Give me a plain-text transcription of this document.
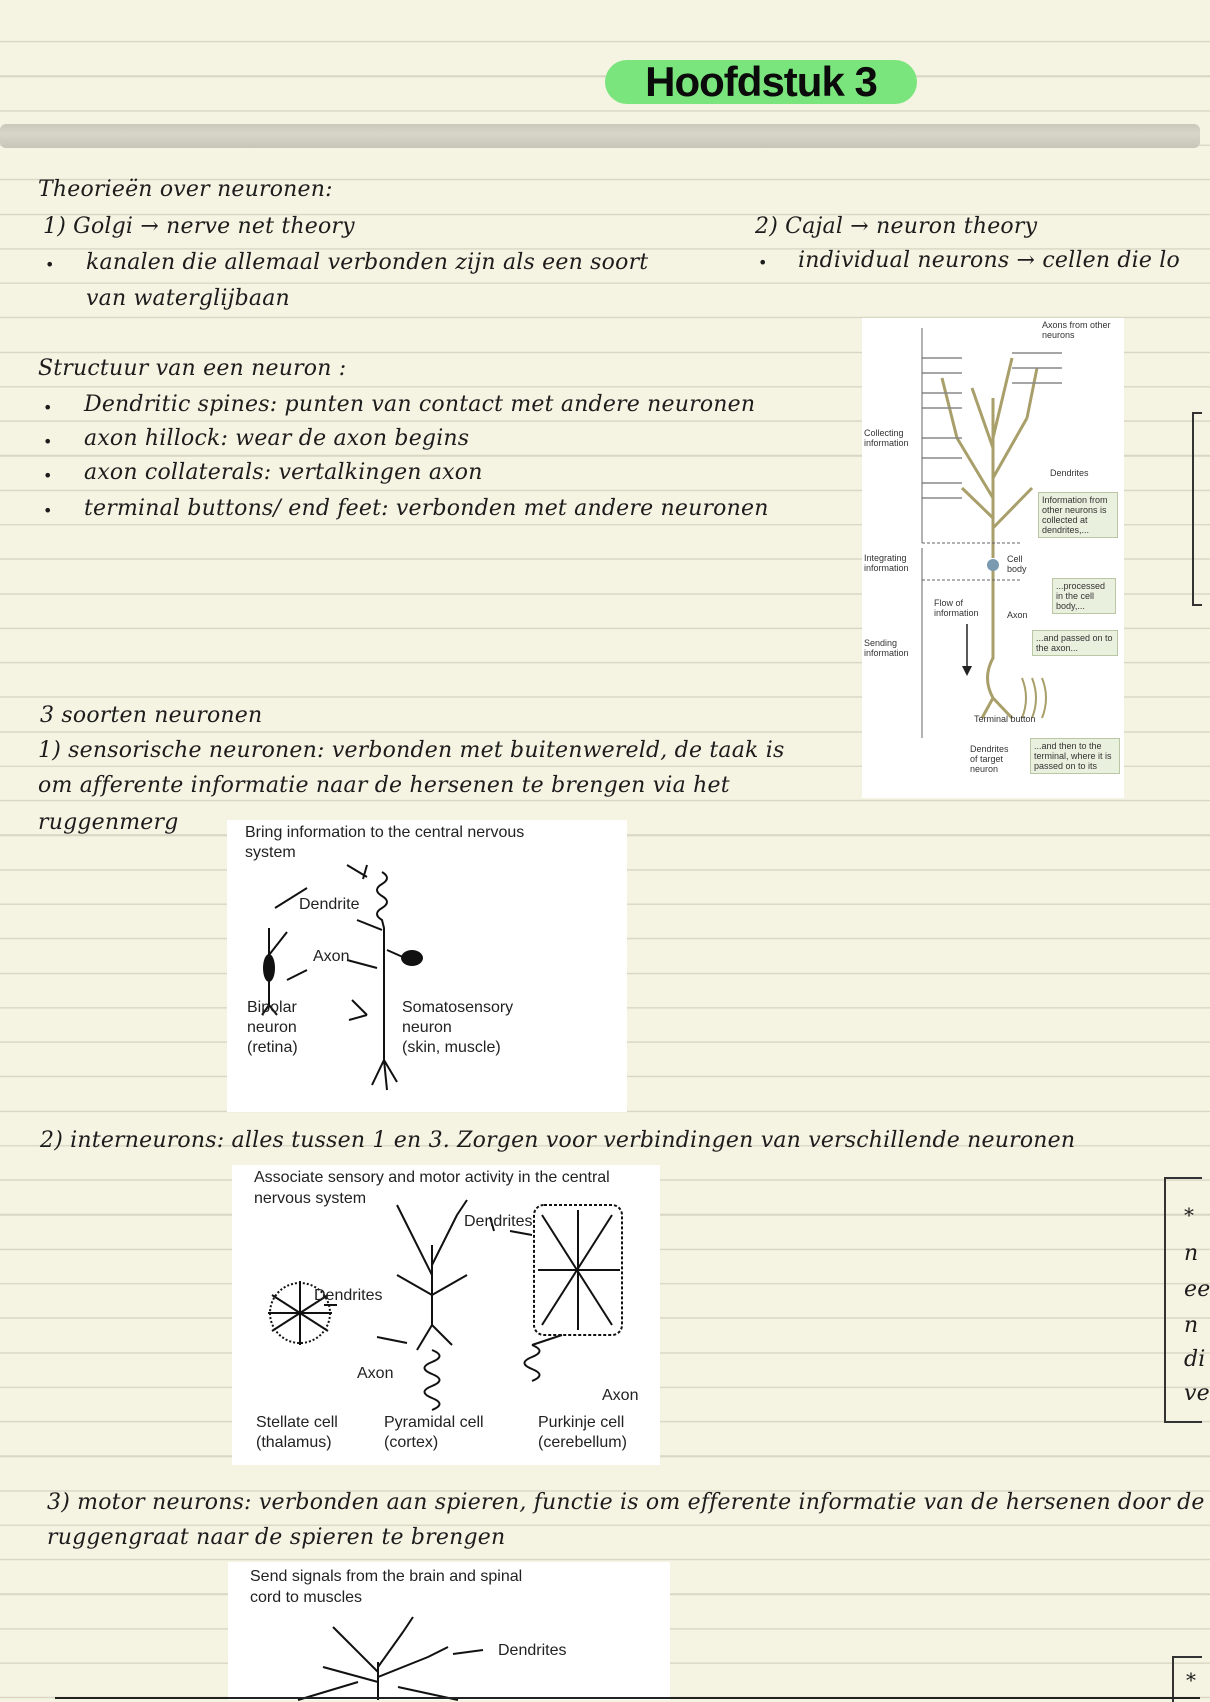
Hoofdstuk 3
Theorieën over neuronen:
1) Golgi → nerve net theory
• kanalen die allemaal verbonden zijn als een soort
van waterglijbaan
2) Cajal → neuron theory
• individual neurons → cellen die lo
Structuur van een neuron :
• Dendritic spines: punten van contact met andere neuronen
• axon hillock: wear de axon begins
• axon collaterals: vertalkingen axon
• terminal buttons/ end feet: verbonden met andere neuronen
Axons from other neurons
Collecting information
Integrating information
Flow of information
Sending information
Dendrites
Cell body
Axon
Terminal button
Dendrites of target neuron
Information from other neurons is collected at dendrites,...
...processed in the cell body,...
...and passed on to the axon...
...and then to the terminal, where it is passed on to its
3 soorten neuronen
1) sensorische neuronen: verbonden met buitenwereld, de taak is
om afferente informatie naar de hersenen te brengen via het
ruggenmerg	Bring information to the central nervous
system
Dendrite
Axon
Bipolar
neuron
(retina)
Somatosensory
neuron
(skin, muscle)
2) interneurons: alles tussen 1 en 3. Zorgen voor verbindingen van verschillende neuronen
Associate sensory and motor activity in the central
nervous system
Dendrites
Dendrites
Axon
Axon
Stellate cell
(thalamus)
Pyramidal cell
(cortex)
Purkinje cell
(cerebellum)
*
n
ee
n
di
ve
3) motor neurons: verbonden aan spieren, functie is om efferente informatie van de hersenen door de
ruggengraat naar de spieren te brengen
Send signals from the brain and spinal
cord to muscles
Dendrites
*
